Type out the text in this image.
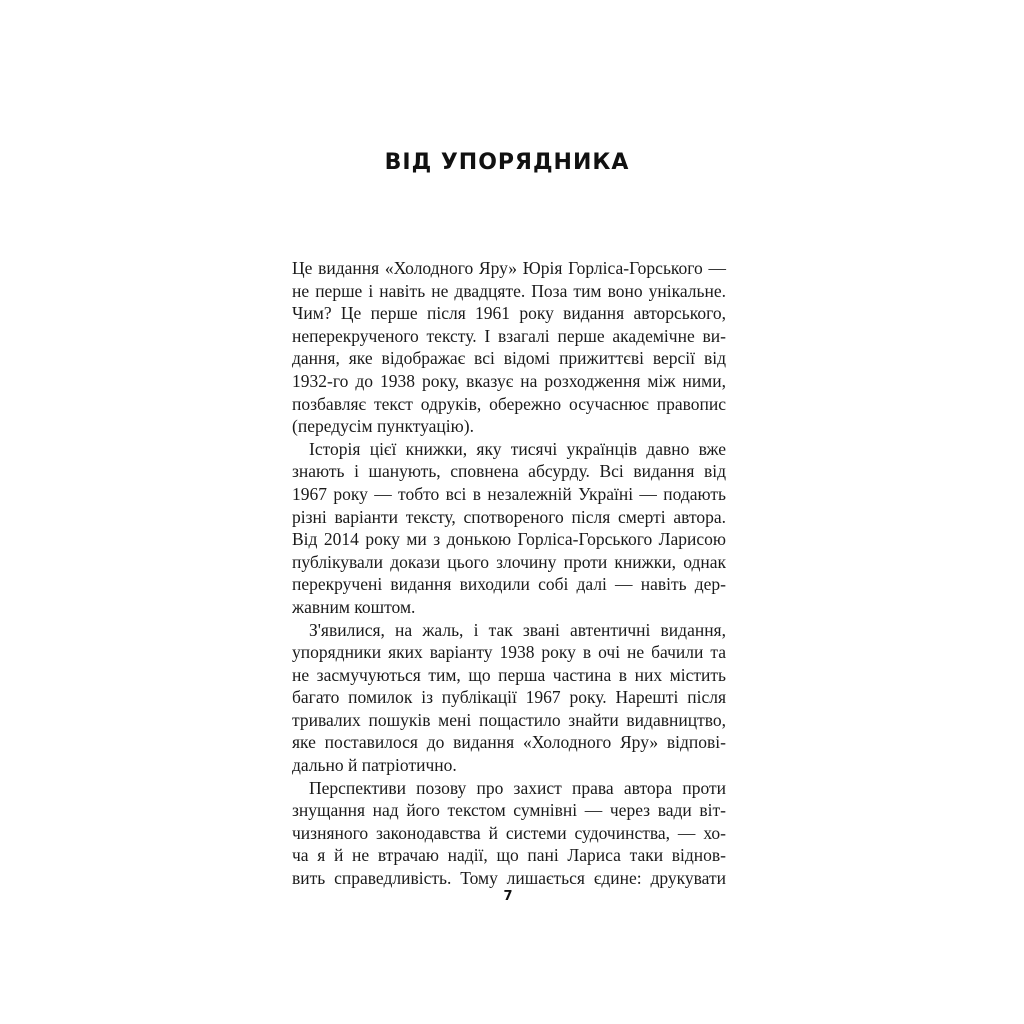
ВІД УПОРЯДНИКА
Це видання «Холодного Яру» Юрія Горліса-Горського —
не перше і навіть не двадцяте. Поза тим воно унікальне.
Чим? Це перше після 1961 року видання авторського,
неперекрученого тексту. І взагалі перше академічне ви-
дання, яке відображає всі відомі прижиттєві версії від
1932-го до 1938 року, вказує на розходження між ними,
позбавляє текст одруків, обережно осучаснює правопис
(передусім пунктуацію).
Історія цієї книжки, яку тисячі українців давно вже
знають і шанують, сповнена абсурду. Всі видання від
1967 року — тобто всі в незалежній Україні — подають
різні варіанти тексту, спотвореного після смерті автора.
Від 2014 року ми з донькою Горліса-Горського Ларисою
публікували докази цього злочину проти книжки, однак
перекручені видання виходили собі далі — навіть дер-
жавним коштом.
З'явилися, на жаль, і так звані автентичні видання,
упорядники яких варіанту 1938 року в очі не бачили та
не засмучуються тим, що перша частина в них містить
багато помилок із публікації 1967 року. Нарешті після
тривалих пошуків мені пощастило знайти видавництво,
яке поставилося до видання «Холодного Яру» відпові-
дально й патріотично.
Перспективи позову про захист права автора проти
знущання над його текстом сумнівні — через вади віт-
чизняного законодавства й системи судочинства, — хо-
ча я й не втрачаю надії, що пані Лариса таки віднов-
вить справедливість. Тому лишається єдине: друкувати
7
